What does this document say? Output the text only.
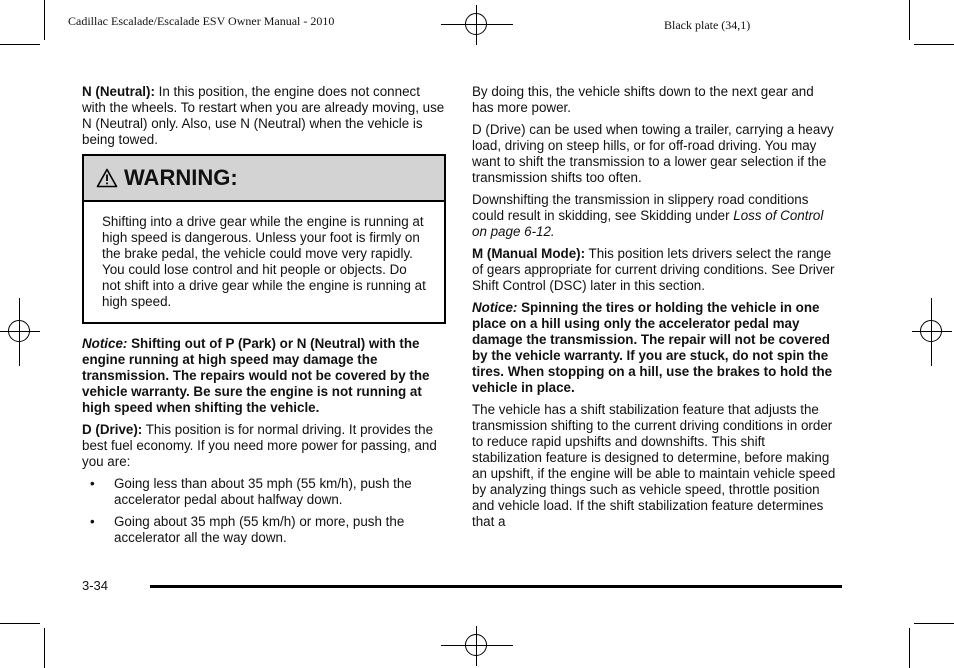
Cadillac Escalade/Escalade ESV Owner Manual - 2010	Black plate (34,1)

N (Neutral): In this position, the engine does not connect with the wheels. To restart when you are already moving, use N (Neutral) only. Also, use N (Neutral) when the vehicle is being towed.

WARNING:
Shifting into a drive gear while the engine is running at high speed is dangerous. Unless your foot is firmly on the brake pedal, the vehicle could move very rapidly. You could lose control and hit people or objects. Do not shift into a drive gear while the engine is running at high speed.

Notice: Shifting out of P (Park) or N (Neutral) with the engine running at high speed may damage the transmission. The repairs would not be covered by the vehicle warranty. Be sure the engine is not running at high speed when shifting the vehicle.

D (Drive): This position is for normal driving. It provides the best fuel economy. If you need more power for passing, and you are:

• Going less than about 35 mph (55 km/h), push the accelerator pedal about halfway down.
• Going about 35 mph (55 km/h) or more, push the accelerator all the way down.

By doing this, the vehicle shifts down to the next gear and has more power.

D (Drive) can be used when towing a trailer, carrying a heavy load, driving on steep hills, or for off-road driving. You may want to shift the transmission to a lower gear selection if the transmission shifts too often.

Downshifting the transmission in slippery road conditions could result in skidding, see Skidding under Loss of Control on page 6-12.

M (Manual Mode): This position lets drivers select the range of gears appropriate for current driving conditions. See Driver Shift Control (DSC) later in this section.

Notice: Spinning the tires or holding the vehicle in one place on a hill using only the accelerator pedal may damage the transmission. The repair will not be covered by the vehicle warranty. If you are stuck, do not spin the tires. When stopping on a hill, use the brakes to hold the vehicle in place.

The vehicle has a shift stabilization feature that adjusts the transmission shifting to the current driving conditions in order to reduce rapid upshifts and downshifts. This shift stabilization feature is designed to determine, before making an upshift, if the engine will be able to maintain vehicle speed by analyzing things such as vehicle speed, throttle position and vehicle load. If the shift stabilization feature determines that a

3-34
